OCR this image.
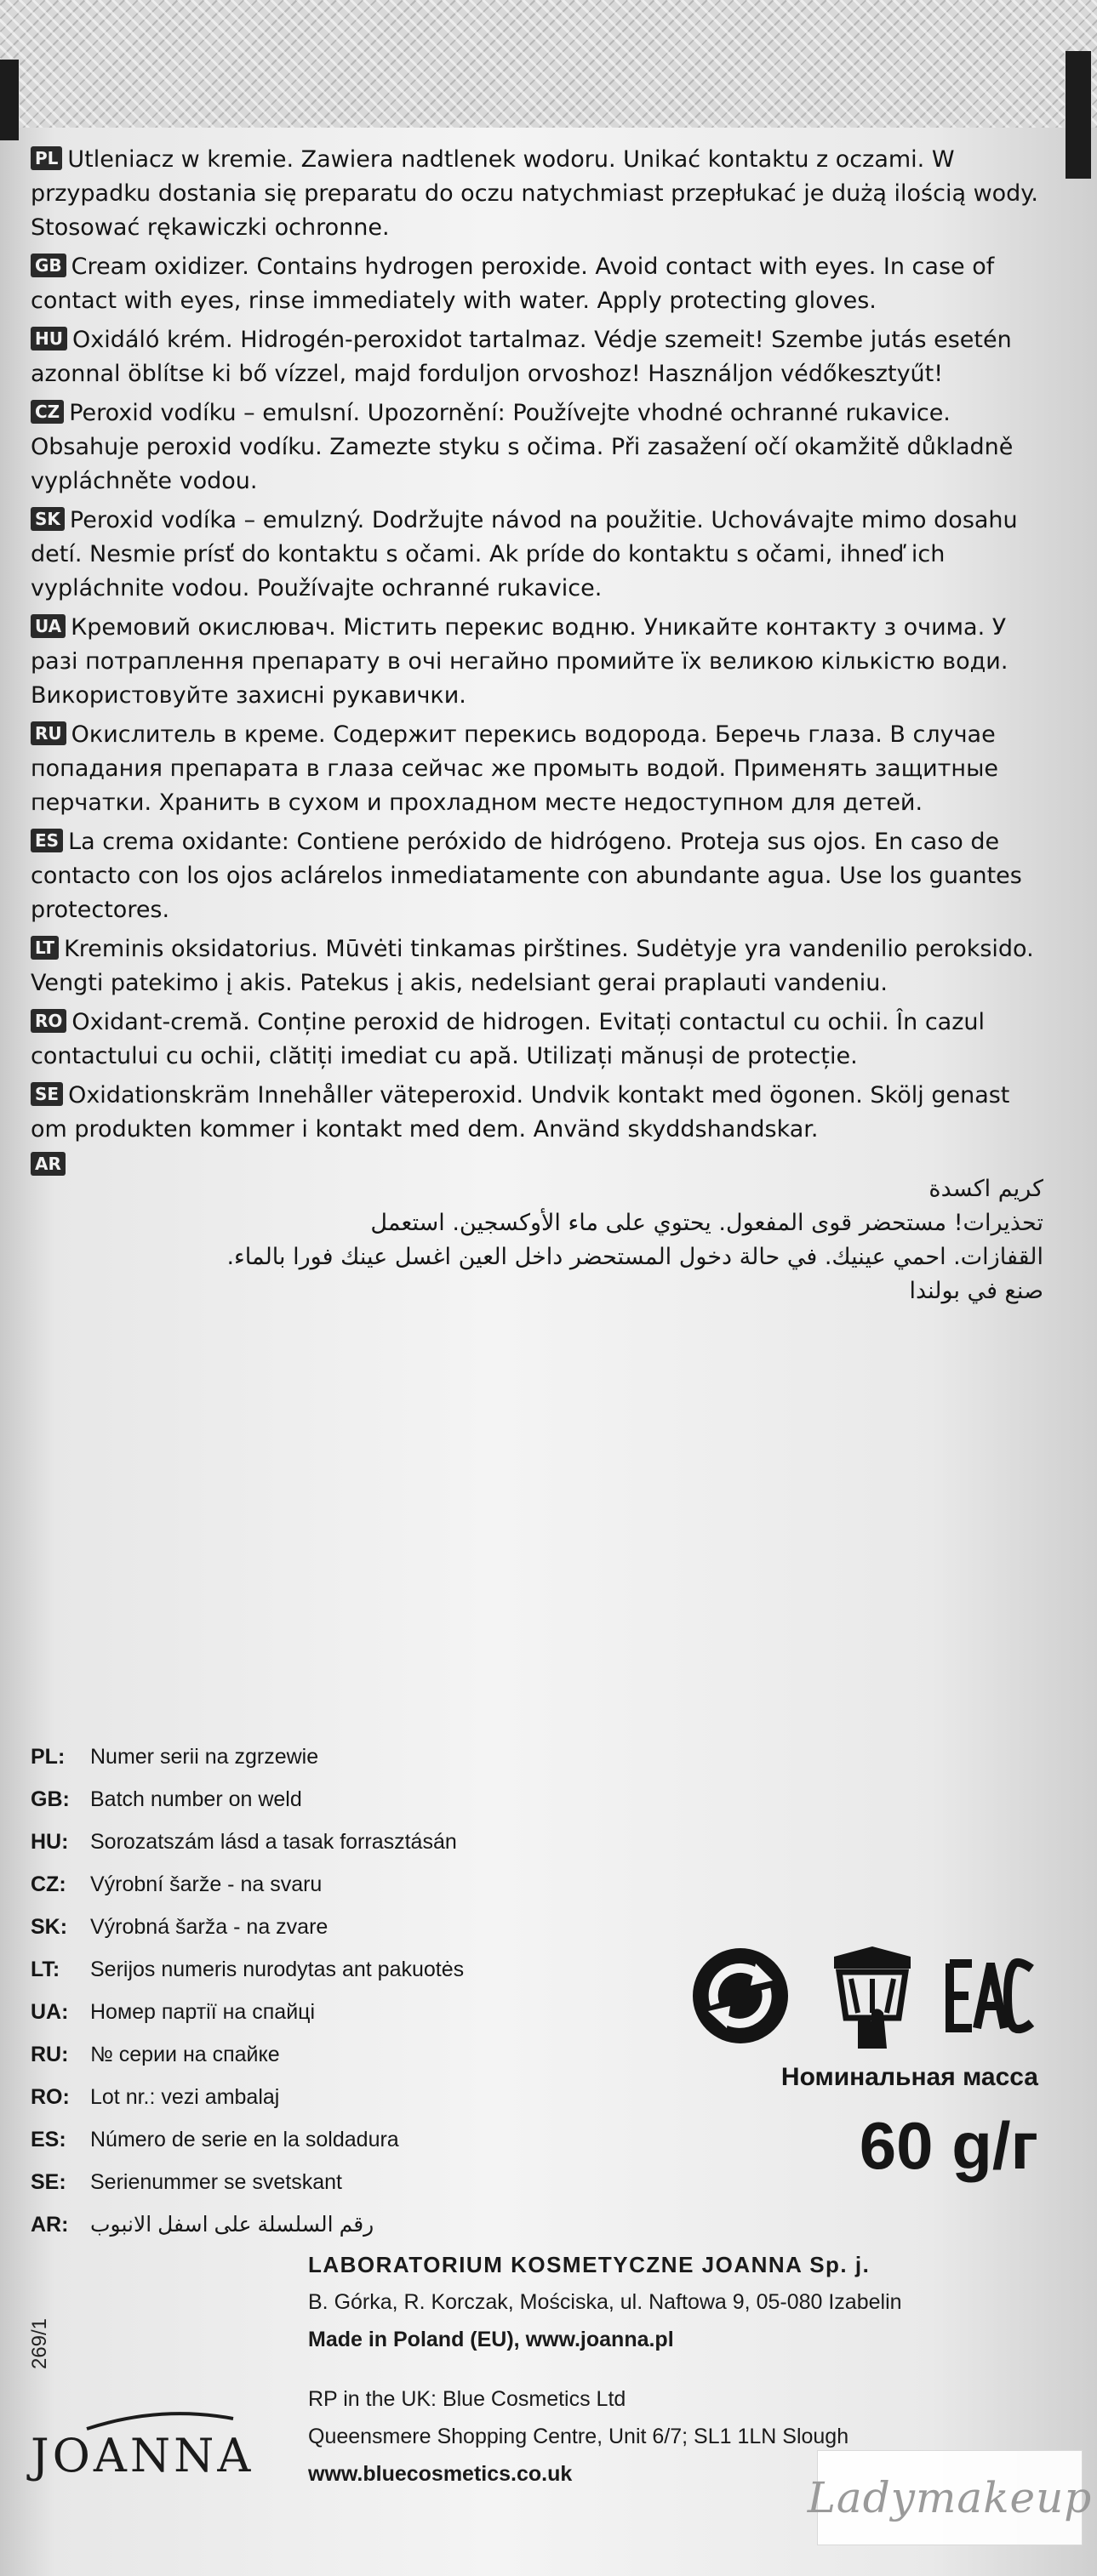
PL Utleniacz w kremie. Zawiera nadtlenek wodoru. Unikać kontaktu z oczami. W przypadku dostania się preparatu do oczu natychmiast przepłukać je dużą ilością wody. Stosować rękawiczki ochronne.

GB Cream oxidizer. Contains hydrogen peroxide. Avoid contact with eyes. In case of contact with eyes, rinse immediately with water. Apply protecting gloves.

HU Oxidáló krém. Hidrogén-peroxidot tartalmaz. Védje szemeit! Szembe jutás esetén azonnal öblítse ki bő vízzel, majd forduljon orvoshoz! Használjon védőkesztyűt!

CZ Peroxid vodíku – emulsní. Upozornění: Používejte vhodné ochranné rukavice. Obsahuje peroxid vodíku. Zamezte styku s očima. Při zasažení očí okamžitě důkladně vypláchněte vodou.

SK Peroxid vodíka – emulzný. Dodržujte návod na použitie. Uchovávajte mimo dosahu detí. Nesmie prísť do kontaktu s očami. Ak príde do kontaktu s očami, ihneď ich vypláchnite vodou. Používajte ochranné rukavice.

UA Кремовий окислювач. Містить перекис водню. Уникайте контакту з очима. У разі потраплення препарату в очі негайно промийте їх великою кількістю води. Використовуйте захисні рукавички.

RU Окислитель в креме. Содержит перекись водорода. Беречь глаза. В случае попадания препарата в глаза сейчас же промыть водой. Применять защитные перчатки. Хранить в сухом и прохладном месте недоступном для детей.

ES La crema oxidante: Contiene peróxido de hidrógeno. Proteja sus ojos. En caso de contacto con los ojos aclárelos inmediatamente con abundante agua. Use los guantes protectores.

LT Kreminis oksidatorius. Mūvėti tinkamas pirštines. Sudėtyje yra vandenilio peroksido. Vengti patekimo į akis. Patekus į akis, nedelsiant gerai praplauti vandeniu.

RO Oxidant-cremă. Conține peroxid de hidrogen. Evitați contactul cu ochii. În cazul contactului cu ochii, clătiți imediat cu apă. Utilizați mănuși de protecție.

SE Oxidationskräm Innehåller väteperoxid. Undvik kontakt med ögonen. Skölj genast om produkten kommer i kontakt med dem. Använd skyddshandskar.

AR
كريم اكسدة
تحذيرات! مستحضر قوى المفعول. يحتوي على ماء الأوكسجين. استعمل
القفازات. احمي عينيك. في حالة دخول المستحضر داخل العين اغسل عينك فورا بالماء.
صنع في بولندا
PL: Numer serii na zgrzewie
GB: Batch number on weld
HU: Sorozatszám lásd a tasak forrasztásán
CZ: Výrobní šarže - na svaru
SK: Výrobná šarža - na zvare
LT: Serijos numeris nurodytas ant pakuotės
UA: Номер партії на спайці
RU: № серии на спайке
RO: Lot nr.: vezi ambalaj
ES: Número de serie en la soldadura
SE: Serienummer se svetskant
AR: رقم السلسلة على اسفل الانبوب
Номинальная масса
60 g/г
269/1
LABORATORIUM KOSMETYCZNE JOANNA Sp. j.
B. Górka, R. Korczak, Mościska, ul. Naftowa 9, 05-080 Izabelin
Made in Poland (EU), www.joanna.pl
RP in the UK: Blue Cosmetics Ltd
Queensmere Shopping Centre, Unit 6/7; SL1 1LN Slough
www.bluecosmetics.co.uk
JOANNA
Ladymakeup
